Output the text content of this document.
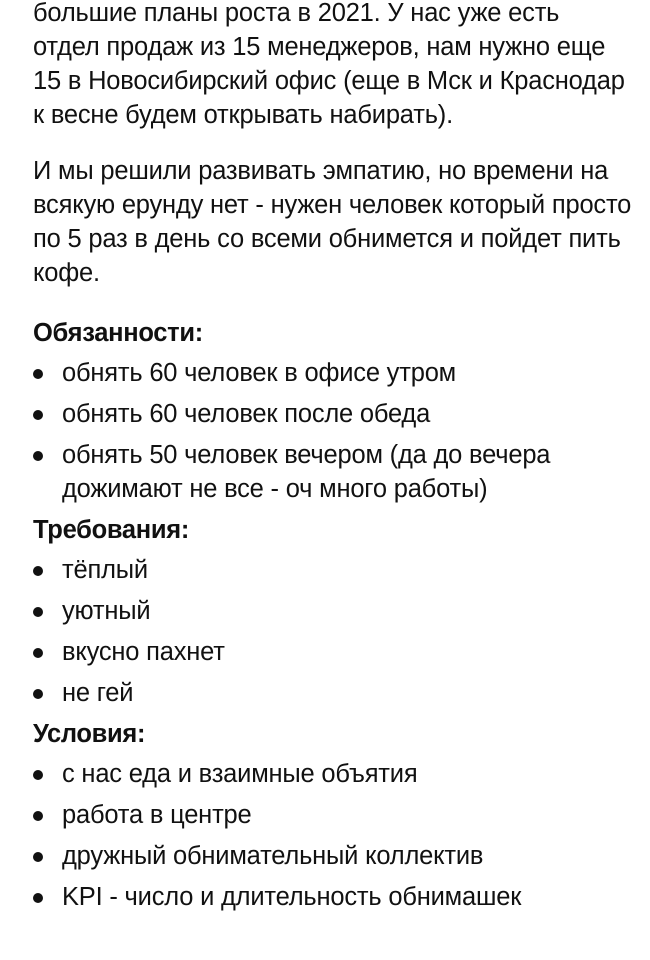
большие планы роста в 2021. У нас уже есть отдел продаж из 15 менеджеров, нам нужно еще 15 в Новосибирский офис (еще в Мск и Краснодар к весне будем открывать набирать).

И мы решили развивать эмпатию, но времени на всякую ерунду нет - нужен человек который просто по 5 раз в день со всеми обнимется и пойдет пить кофе.

Обязанности:
обнять 60 человек в офисе утром
обнять 60 человек после обеда
обнять 50 человек вечером (да до вечера дожимают не все - оч много работы)
Требования:
тёплый
уютный
вкусно пахнет
не гей
Условия:
с нас еда и взаимные объятия
работа в центре
дружный обнимательный коллектив
KPI - число и длительность обнимашек
